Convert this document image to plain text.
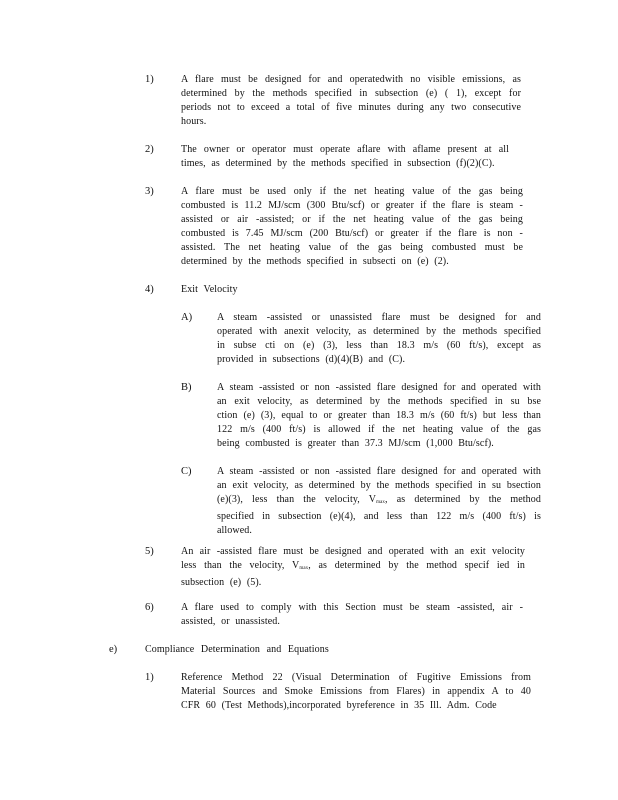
1)	A flare must be designed for and operatedwith no visible emissions, as determined by the methods specified in subsection (e) ( 1), except for periods not to exceed a total of five minutes during any two consecutive hours.
2)	The owner or operator must operate aflare with aflame present at all times, as determined by the methods specified in subsection (f)(2)(C).
3)	A flare must be used only if the net heating value of the gas being combusted is 11.2 MJ/scm (300 Btu/scf) or greater if the flare is steam - assisted or air -assisted; or if the net heating value of the gas being combusted is 7.45 MJ/scm (200 Btu/scf) or greater if the flare is non - assisted. The net heating value of the gas being combusted must be determined by the methods specified in subsecti on (e) (2).
4)	Exit Velocity
A) A steam -assisted or unassisted flare must be designed for and operated with anexit velocity, as determined by the methods specified in subse cti on (e) (3), less than 18.3 m/s (60 ft/s), except as provided in subsections (d)(4)(B) and (C).
B)	A steam -assisted or non -assisted flare designed for and operated with an exit velocity, as determined by the methods specified in su bse ction (e) (3), equal to or greater than 18.3 m/s (60 ft/s) but less than 122 m/s (400 ft/s) is allowed if the net heating value of the gas being combusted is greater than 37.3 MJ/scm (1,000 Btu/scf).
C)	A steam -assisted or non -assisted flare designed for and operated with an exit velocity, as determined by the methods specified in su bsection (e)(3), less than the velocity, $V_{max}$, as determined by the method specified in subsection (e)(4), and less than 122 m/s (400 ft/s) is allowed.
5)	An air -assisted flare must be designed and operated with an exit velocity less than the velocity, $V_{max}$, as determined by the method specif ied in subsection (e) (5).
6)	A flare used to comply with this Section must be steam -assisted, air - assisted, or unassisted.
e)	Compliance Determination and Equations
1)	Reference Method 22 (Visual Determination of Fugitive Emissions from Material Sources and Smoke Emissions from Flares) in appendix A to 40 CFR 60 (Test Methods),incorporated byreference in 35 Ill. Adm. Code
